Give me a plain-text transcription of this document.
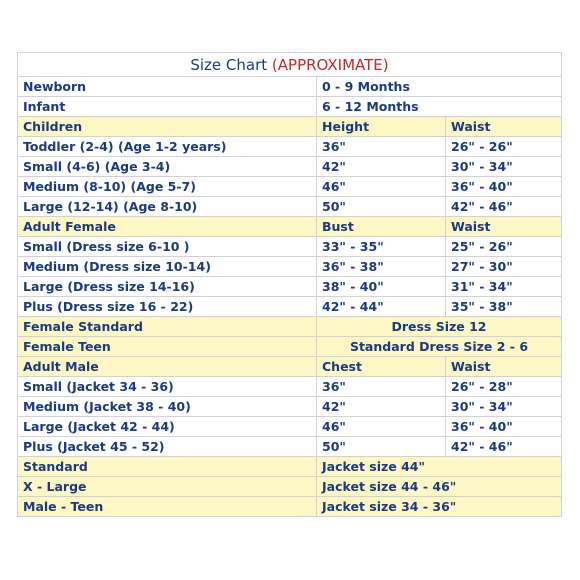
Size Chart (APPROXIMATE)		
Newborn	0 - 9 Months	
Infant	6 - 12 Months	
Children	Height	Waist
Toddler (2-4) (Age 1-2 years)	36"	26" - 26"
Small (4-6) (Age 3-4)	42"	30" - 34"
Medium (8-10) (Age 5-7)	46"	36" - 40"
Large (12-14) (Age 8-10)	50"	42" - 46"
Adult Female	Bust	Waist
Small (Dress size 6-10 )	33" - 35"	25" - 26"
Medium (Dress size 10-14)	36" - 38"	27" - 30"
Large (Dress size 14-16)	38" - 40"	31" - 34"
Plus (Dress size 16 - 22)	42" - 44"	35" - 38"
Female Standard	Dress Size 12	
Female Teen	Standard Dress Size 2 - 6	
Adult Male	Chest	Waist
Small (Jacket 34 - 36)	36"	26" - 28"
Medium (Jacket 38 - 40)	42"	30" - 34"
Large (Jacket 42 - 44)	46"	36" - 40"
Plus (Jacket 45 - 52)	50"	42" - 46"
Standard	Jacket size 44"	
X - Large	Jacket size 44 - 46"	
Male - Teen	Jacket size 34 - 36"	
